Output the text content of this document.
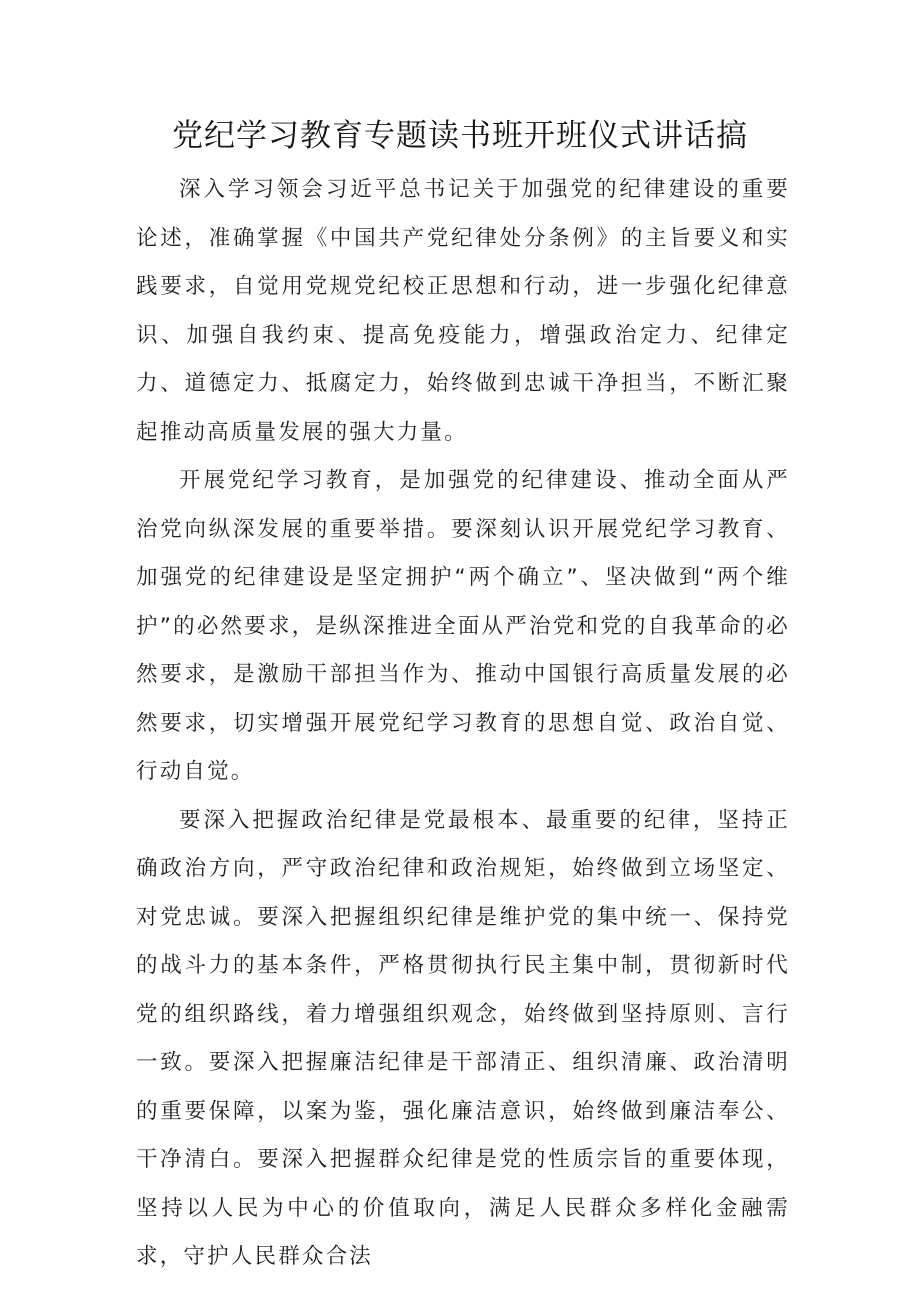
党纪学习教育专题读书班开班仪式讲话搞

深入学习领会习近平总书记关于加强党的纪律建设的重要论述，准确掌握《中国共产党纪律处分条例》的主旨要义和实践要求，自觉用党规党纪校正思想和行动，进一步强化纪律意识、加强自我约束、提高免疫能力，增强政治定力、纪律定力、道德定力、抵腐定力，始终做到忠诚干净担当，不断汇聚起推动高质量发展的强大力量。

开展党纪学习教育，是加强党的纪律建设、推动全面从严治党向纵深发展的重要举措。要深刻认识开展党纪学习教育、加强党的纪律建设是坚定拥护“两个确立”、坚决做到“两个维护”的必然要求，是纵深推进全面从严治党和党的自我革命的必然要求，是激励干部担当作为、推动中国银行高质量发展的必然要求，切实增强开展党纪学习教育的思想自觉、政治自觉、行动自觉。

要深入把握政治纪律是党最根本、最重要的纪律，坚持正确政治方向，严守政治纪律和政治规矩，始终做到立场坚定、对党忠诚。要深入把握组织纪律是维护党的集中统一、保持党的战斗力的基本条件，严格贯彻执行民主集中制，贯彻新时代党的组织路线，着力增强组织观念，始终做到坚持原则、言行一致。要深入把握廉洁纪律是干部清正、组织清廉、政治清明的重要保障，以案为鉴，强化廉洁意识，始终做到廉洁奉公、干净清白。要深入把握群众纪律是党的性质宗旨的重要体现，坚持以人民为中心的价值取向，满足人民群众多样化金融需求，守护人民群众合法
